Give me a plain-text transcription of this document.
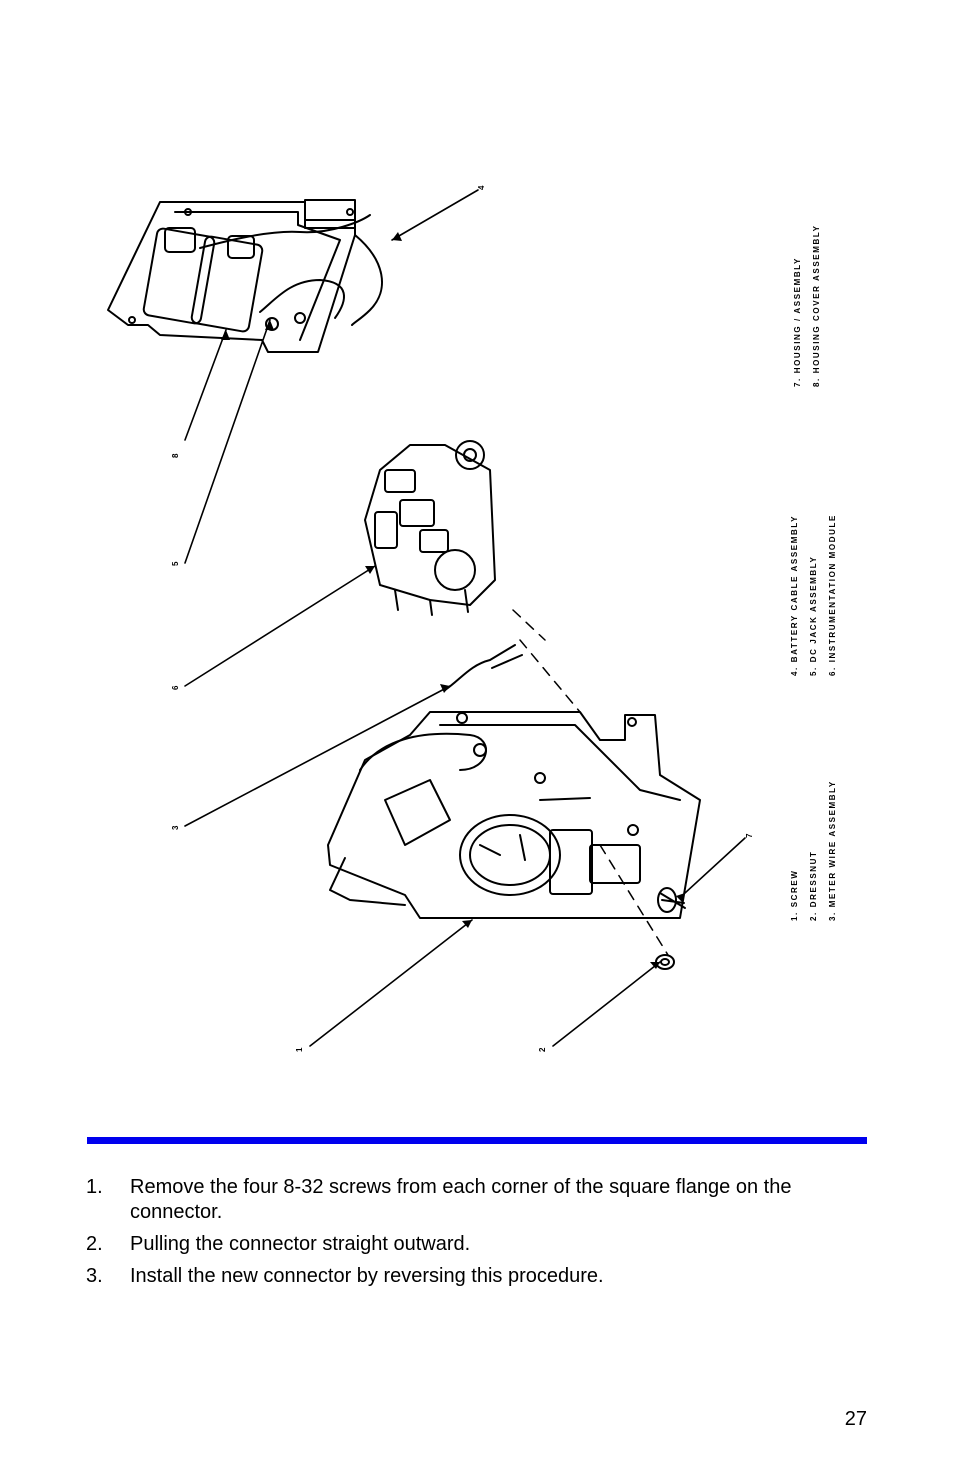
1	2
3
4
5
6
7
8
1. SCREW 2. DRESSNUT 3. METER WIRE ASSEMBLY
4. BATTERY CABLE ASSEMBLY 5. DC JACK ASSEMBLY 6. INSTRUMENTATION MODULE
7. HOUSING / ASSEMBLY 8. HOUSING COVER ASSEMBLY
1. Remove the four 8-32 screws from each corner of the square flange on the connector.
2. Pulling the connector straight outward.
3. Install the new connector by reversing this procedure.
27
